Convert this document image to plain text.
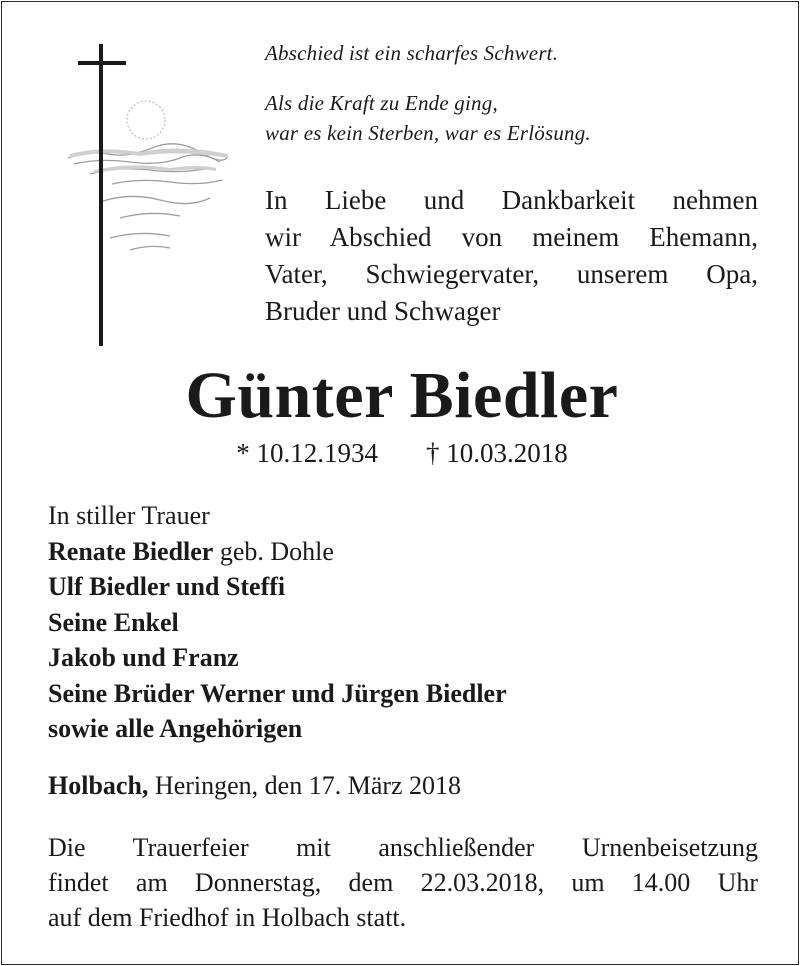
Abschied ist ein scharfes Schwert.

Als die Kraft zu Ende ging,

war es kein Sterben, war es Erlösung.

In Liebe und Dankbarkeit nehmen
wir Abschied von meinem Ehemann,
Vater, Schwiegervater, unserem Opa,
Bruder und Schwager
Günter Biedler
* 10.12.1934 † 10.03.2018
In stiller Trauer
Renate Biedler geb. Dohle
Ulf Biedler und Steffi
Seine Enkel
Jakob und Franz
Seine Brüder Werner und Jürgen Biedler
sowie alle Angehörigen
Holbach, Heringen, den 17. März 2018
Die Trauerfeier mit anschließender Urnenbeisetzung
findet am Donnerstag, dem 22.03.2018, um 14.00 Uhr
auf dem Friedhof in Holbach statt.
